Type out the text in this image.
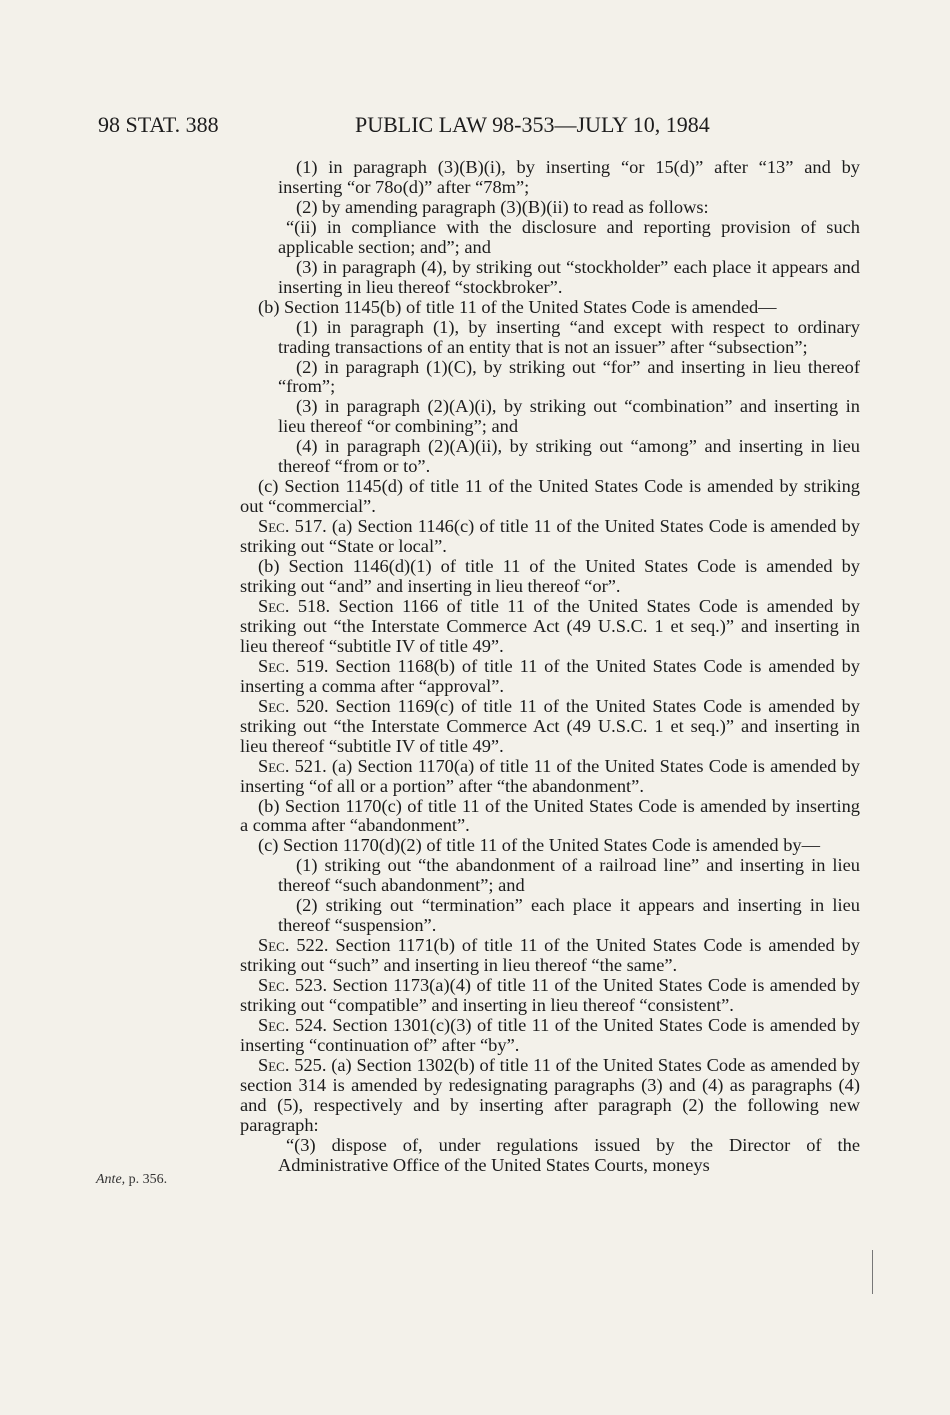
98 STAT. 388	PUBLIC LAW 98-353—JULY 10, 1984
Ante, p. 356.

(1) in paragraph (3)(B)(i), by inserting “or 15(d)” after “13” and by inserting “or 78o(d)” after “78m”;

(2) by amending paragraph (3)(B)(ii) to read as follows:

“(ii) in compliance with the disclosure and reporting provision of such applicable section; and”; and

(3) in paragraph (4), by striking out “stockholder” each place it appears and inserting in lieu thereof “stockbroker”.

(b) Section 1145(b) of title 11 of the United States Code is amended—

(1) in paragraph (1), by inserting “and except with respect to ordinary trading transactions of an entity that is not an issuer” after “subsection”;

(2) in paragraph (1)(C), by striking out “for” and inserting in lieu thereof “from”;

(3) in paragraph (2)(A)(i), by striking out “combination” and inserting in lieu thereof “or combining”; and

(4) in paragraph (2)(A)(ii), by striking out “among” and inserting in lieu thereof “from or to”.

(c) Section 1145(d) of title 11 of the United States Code is amended by striking out “commercial”.

Sec. 517. (a) Section 1146(c) of title 11 of the United States Code is amended by striking out “State or local”.

(b) Section 1146(d)(1) of title 11 of the United States Code is amended by striking out “and” and inserting in lieu thereof “or”.

Sec. 518. Section 1166 of title 11 of the United States Code is amended by striking out “the Interstate Commerce Act (49 U.S.C. 1 et seq.)” and inserting in lieu thereof “subtitle IV of title 49”.

Sec. 519. Section 1168(b) of title 11 of the United States Code is amended by inserting a comma after “approval”.

Sec. 520. Section 1169(c) of title 11 of the United States Code is amended by striking out “the Interstate Commerce Act (49 U.S.C. 1 et seq.)” and inserting in lieu thereof “subtitle IV of title 49”.

Sec. 521. (a) Section 1170(a) of title 11 of the United States Code is amended by inserting “of all or a portion” after “the abandonment”.

(b) Section 1170(c) of title 11 of the United States Code is amended by inserting a comma after “abandonment”.

(c) Section 1170(d)(2) of title 11 of the United States Code is amended by—

(1) striking out “the abandonment of a railroad line” and inserting in lieu thereof “such abandonment”; and

(2) striking out “termination” each place it appears and inserting in lieu thereof “suspension”.

Sec. 522. Section 1171(b) of title 11 of the United States Code is amended by striking out “such” and inserting in lieu thereof “the same”.

Sec. 523. Section 1173(a)(4) of title 11 of the United States Code is amended by striking out “compatible” and inserting in lieu thereof “consistent”.

Sec. 524. Section 1301(c)(3) of title 11 of the United States Code is amended by inserting “continuation of” after “by”.

Sec. 525. (a) Section 1302(b) of title 11 of the United States Code as amended by section 314 is amended by redesignating paragraphs (3) and (4) as paragraphs (4) and (5), respectively and by inserting after paragraph (2) the following new paragraph:

“(3) dispose of, under regulations issued by the Director of the Administrative Office of the United States Courts, moneys
